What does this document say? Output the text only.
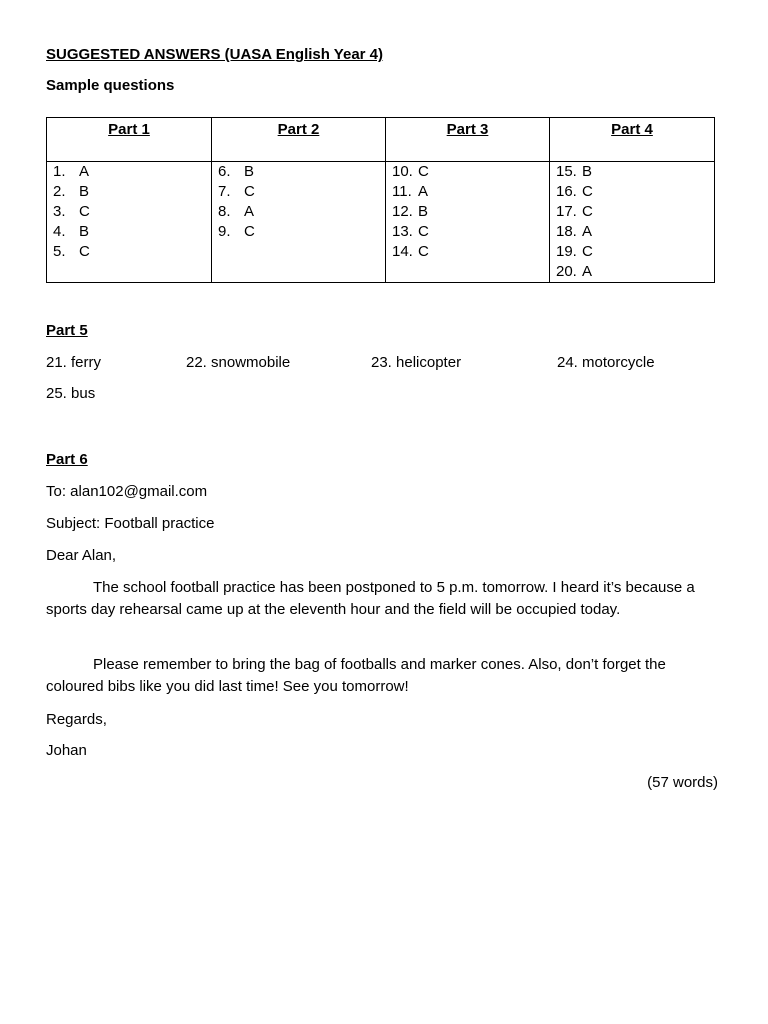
SUGGESTED ANSWERS (UASA English Year 4)
Sample questions
Part 1	Part 2	Part 3	Part 4
1. A	6. B	10. C	15. B
2. B	7. C	11. A	16. C
3. C	8. A	12. B	17. C
4. B	9. C	13. C	18. A
5. C		14. C	19. C
			20. A
Part 5
21. ferry	22. snowmobile	23. helicopter	24. motorcycle
25. bus
Part 6
To: alan102@gmail.com
Subject: Football practice
Dear Alan,
The school football practice has been postponed to 5 p.m. tomorrow. I heard it’s because a sports day rehearsal came up at the eleventh hour and the field will be occupied today.
Please remember to bring the bag of footballs and marker cones. Also, don’t forget the coloured bibs like you did last time! See you tomorrow!
Regards,
Johan
(57 words)
